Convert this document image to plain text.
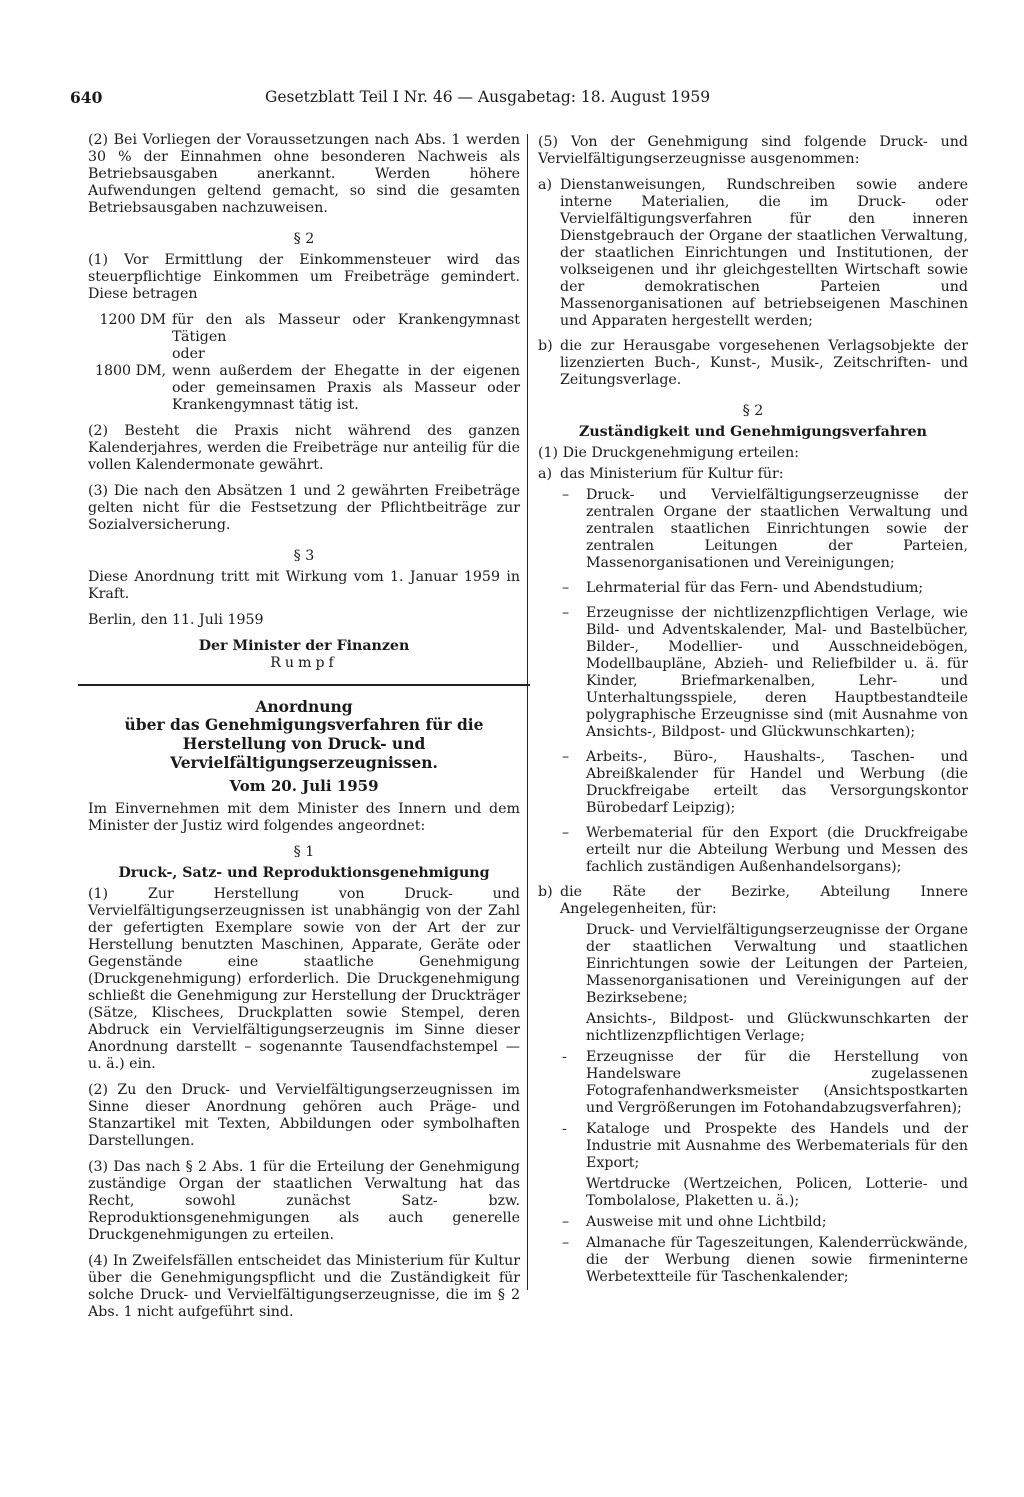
640	Gesetzblatt Teil I Nr. 46 — Ausgabetag: 18. August 1959

(2) Bei Vorliegen der Voraussetzungen nach Abs. 1 werden 30 % der Einnahmen ohne besonderen Nachweis als Betriebsausgaben anerkannt. Werden höhere Aufwendungen geltend gemacht, so sind die gesamten Betriebsausgaben nachzuweisen.

§ 2

(1) Vor Ermittlung der Einkommensteuer wird das steuerpflichtige Einkommen um Freibeträge gemindert. Diese betragen

1200 DM	für den als Masseur oder Krankengymnast Tätigen
	oder
1800 DM,	wenn außerdem der Ehegatte in der eigenen oder gemeinsamen Praxis als Masseur oder Krankengymnast tätig ist.

(2) Besteht die Praxis nicht während des ganzen Kalenderjahres, werden die Freibeträge nur anteilig für die vollen Kalendermonate gewährt.

(3) Die nach den Absätzen 1 und 2 gewährten Freibeträge gelten nicht für die Festsetzung der Pflichtbeiträge zur Sozialversicherung.

§ 3

Diese Anordnung tritt mit Wirkung vom 1. Januar 1959 in Kraft.

Berlin, den 11. Juli 1959

Der Minister der Finanzen
Rumpf
Anordnung
über das Genehmigungsverfahren für die Herstellung von Druck- und Vervielfältigungserzeugnissen.
Vom 20. Juli 1959

Im Einvernehmen mit dem Minister des Innern und dem Minister der Justiz wird folgendes angeordnet:

§ 1
Druck-, Satz- und Reproduktionsgenehmigung

(1) Zur Herstellung von Druck- und Vervielfältigungserzeugnissen ist unabhängig von der Zahl der gefertigten Exemplare sowie von der Art der zur Herstellung benutzten Maschinen, Apparate, Geräte oder Gegenstände eine staatliche Genehmigung (Druckgenehmigung) erforderlich. Die Druckgenehmigung schließt die Genehmigung zur Herstellung der Druckträger (Sätze, Klischees, Druckplatten sowie Stempel, deren Abdruck ein Vervielfältigungserzeugnis im Sinne dieser Anordnung darstellt – sogenannte Tausendfachstempel — u. ä.) ein.

(2) Zu den Druck- und Vervielfältigungserzeugnissen im Sinne dieser Anordnung gehören auch Präge- und Stanzartikel mit Texten, Abbildungen oder symbolhaften Darstellungen.

(3) Das nach § 2 Abs. 1 für die Erteilung der Genehmigung zuständige Organ der staatlichen Verwaltung hat das Recht, sowohl zunächst Satz- bzw. Reproduktionsgenehmigungen als auch generelle Druckgenehmigungen zu erteilen.

(4) In Zweifelsfällen entscheidet das Ministerium für Kultur über die Genehmigungspflicht und die Zuständigkeit für solche Druck- und Vervielfältigungserzeugnisse, die im § 2 Abs. 1 nicht aufgeführt sind.

(5) Von der Genehmigung sind folgende Druck- und Vervielfältigungserzeugnisse ausgenommen:

a) Dienstanweisungen, Rundschreiben sowie andere interne Materialien, die im Druck- oder Vervielfältigungsverfahren für den inneren Dienstgebrauch der Organe der staatlichen Verwaltung, der staatlichen Einrichtungen und Institutionen, der volkseigenen und ihr gleichgestellten Wirtschaft sowie der demokratischen Parteien und Massenorganisationen auf betriebseigenen Maschinen und Apparaten hergestellt werden;
b) die zur Herausgabe vorgesehenen Verlagsobjekte der lizenzierten Buch-, Kunst-, Musik-, Zeitschriften- und Zeitungsverlage.
§ 2
Zuständigkeit und Genehmigungsverfahren

(1) Die Druckgenehmigung erteilen:

a) das Ministerium für Kultur für:
–	Druck- und Vervielfältigungserzeugnisse der zentralen Organe der staatlichen Verwaltung und zentralen staatlichen Einrichtungen sowie der zentralen Leitungen der Parteien, Massenorganisationen und Vereinigungen;
–	Lehrmaterial für das Fern- und Abendstudium;
–	Erzeugnisse der nichtlizenzpflichtigen Verlage, wie Bild- und Adventskalender, Mal- und Bastelbücher, Bilder-, Modellier- und Ausschneidebögen, Modellbaupläne, Abzieh- und Reliefbilder u. ä. für Kinder, Briefmarkenalben, Lehr- und Unterhaltungsspiele, deren Hauptbestandteile polygraphische Erzeugnisse sind (mit Ausnahme von Ansichts-, Bildpost- und Glückwunschkarten);
–	Arbeits-, Büro-, Haushalts-, Taschen- und Abreißkalender für Handel und Werbung (die Druckfreigabe erteilt das Versorgungskontor Bürobedarf Leipzig);
–	Werbematerial für den Export (die Druckfreigabe erteilt nur die Abteilung Werbung und Messen des fachlich zuständigen Außenhandelsorgans);
b) die Räte der Bezirke, Abteilung Innere Angelegenheiten, für:
Druck- und Vervielfältigungserzeugnisse der Organe der staatlichen Verwaltung und staatlichen Einrichtungen sowie der Leitungen der Parteien, Massenorganisationen und Vereinigungen auf der Bezirksebene;
Ansichts-, Bildpost- und Glückwunschkarten der nichtlizenzpflichtigen Verlage;
-	Erzeugnisse der für die Herstellung von Handelsware zugelassenen Fotografenhandwerksmeister (Ansichtspostkarten und Vergrößerungen im Fotohandabzugsverfahren);
-	Kataloge und Prospekte des Handels und der Industrie mit Ausnahme des Werbematerials für den Export;
Wertdrucke (Wertzeichen, Policen, Lotterie- und Tombolalose, Plaketten u. ä.);
–	Ausweise mit und ohne Lichtbild;
–	Almanache für Tageszeitungen, Kalenderrückwände, die der Werbung dienen sowie firmeninterne Werbetextteile für Taschenkalender;
